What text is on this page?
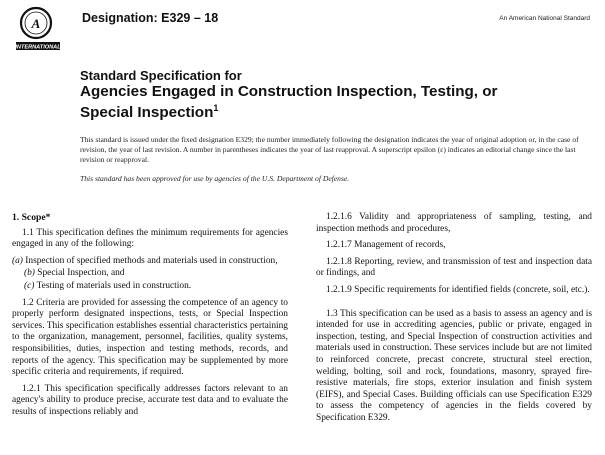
A
INTERNATIONAL
Designation: E329 – 18	An American National Standard
Standard Specification for
Agencies Engaged in Construction Inspection, Testing, or
Special Inspection$^1$

This standard is issued under the fixed designation E329; the number immediately following the designation indicates the year of original adoption or, in the case of revision, the year of last revision. A number in parentheses indicates the year of last reapproval. A superscript epsilon (ε) indicates an editorial change since the last revision or reapproval.

This standard has been approved for use by agencies of the U.S. Department of Defense.

1. Scope*

1.1 This specification defines the minimum requirements for agencies engaged in any of the following:

(a) Inspection of specified methods and materials used in construction,

(b) Special Inspection, and

(c) Testing of materials used in construction.

1.2 Criteria are provided for assessing the competence of an agency to properly perform designated inspections, tests, or Special Inspection services. This specification establishes essential characteristics pertaining to the organization, management, personnel, facilities, quality systems, responsibilities, duties, inspection and testing methods, records, and reports of the agency. This specification may be supplemented by more specific criteria and requirements, if required.

1.2.1 This specification specifically addresses factors relevant to an agency's ability to produce precise, accurate test data and to evaluate the results of inspections reliably and

1.2.1.6 Validity and appropriateness of sampling, testing, and inspection methods and procedures,

1.2.1.7 Management of records,

1.2.1.8 Reporting, review, and transmission of test and inspection data or findings, and

1.2.1.9 Specific requirements for identified fields (concrete, soil, etc.).

1.3 This specification can be used as a basis to assess an agency and is intended for use in accrediting agencies, public or private, engaged in inspection, testing, and Special Inspection of construction activities and materials used in construction. These services include but are not limited to reinforced concrete, precast concrete, structural steel erection, welding, bolting, soil and rock, foundations, masonry, sprayed fire-resistive materials, fire stops, exterior insulation and finish system (EIFS), and Special Cases. Building officials can use Specification E329 to assess the competency of agencies in the fields covered by Specification E329.
